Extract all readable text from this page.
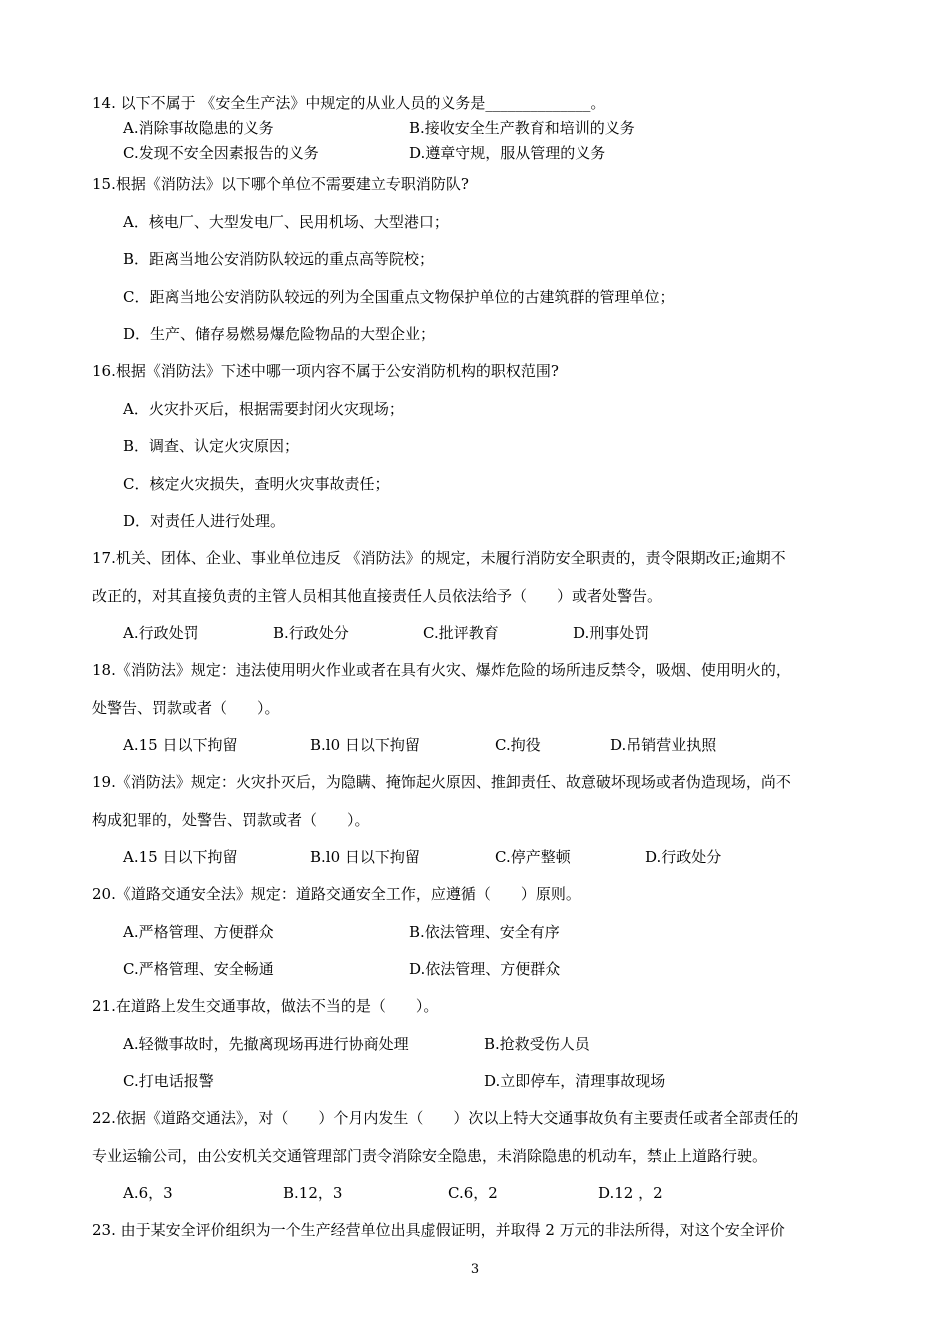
14. 以下不属于 《安全生产法》中规定的从业人员的义务是______________。
A.消除事故隐患的义务	B.接收安全生产教育和培训的义务
C.发现不安全因素报告的义务	D.遵章守规，服从管理的义务
15.根据《消防法》以下哪个单位不需要建立专职消防队?
A．核电厂、大型发电厂、民用机场、大型港口；
B．距离当地公安消防队较远的重点高等院校；
C．距离当地公安消防队较远的列为全国重点文物保护单位的古建筑群的管理单位；
D．生产、储存易燃易爆危险物品的大型企业；
16.根据《消防法》下述中哪一项内容不属于公安消防机构的职权范围?
A．火灾扑灭后，根据需要封闭火灾现场；
B．调查、认定火灾原因；
C．核定火灾损失，查明火灾事故责任；
D．对责任人进行处理。
17.机关、团体、企业、事业单位违反 《消防法》的规定，未履行消防安全职责的，责令限期改正;逾期不
改正的，对其直接负责的主管人员相其他直接责任人员依法给予（　　）或者处警告。
A.行政处罚	B.行政处分	C.批评教育	D.刑事处罚
18.《消防法》规定：违法使用明火作业或者在具有火灾、爆炸危险的场所违反禁令，吸烟、使用明火的，
处警告、罚款或者（　　）。
A.15 日以下拘留	B.l0 日以下拘留	C.拘役	D.吊销营业执照
19.《消防法》规定：火灾扑灭后，为隐瞒、掩饰起火原因、推卸责任、故意破坏现场或者伪造现场，尚不
构成犯罪的，处警告、罚款或者（　　）。
A.15 日以下拘留	B.l0 日以下拘留	C.停产整顿	D.行政处分
20.《道路交通安全法》规定：道路交通安全工作，应遵循（　　）原则。
A.严格管理、方便群众	B.依法管理、安全有序
C.严格管理、安全畅通	D.依法管理、方便群众
21.在道路上发生交通事故，做法不当的是（　　）。
A.轻微事故时，先撤离现场再进行协商处理	B.抢救受伤人员
C.打电话报警	D.立即停车，清理事故现场
22.依据《道路交通法》，对（　　）个月内发生（　　）次以上特大交通事故负有主要责任或者全部责任的
专业运输公司，由公安机关交通管理部门责令消除安全隐患，未消除隐患的机动车，禁止上道路行驶。
A.6，3	B.12，3	C.6，2	D.12 ，2
23. 由于某安全评价组织为一个生产经营单位出具虚假证明，并取得 2 万元的非法所得，对这个安全评价
3
